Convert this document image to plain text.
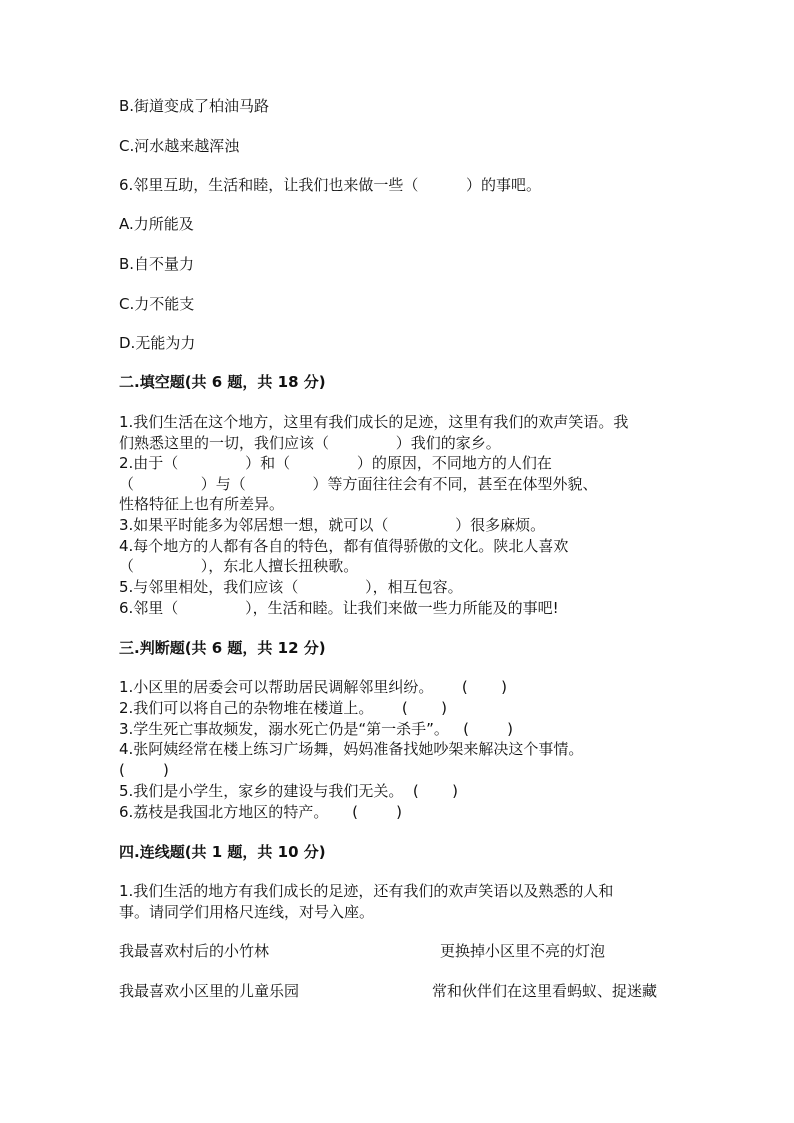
B.街道变成了柏油马路
C.河水越来越浑浊
6.邻里互助，生活和睦，让我们也来做一些（          ）的事吧。
A.力所能及
B.自不量力
C.力不能支
D.无能为力
二.填空题(共 6 题，共 18 分)
1.我们生活在这个地方，这里有我们成长的足迹，这里有我们的欢声笑语。我
们熟悉这里的一切，我们应该（              ）我们的家乡。
2.由于（              ）和（              ）的原因，不同地方的人们在
（              ）与（              ）等方面往往会有不同，甚至在体型外貌、
性格特征上也有所差异。
3.如果平时能多为邻居想一想，就可以（              ）很多麻烦。
4.每个地方的人都有各自的特色，都有值得骄傲的文化。陕北人喜欢
（              ），东北人擅长扭秧歌。
5.与邻里相处，我们应该（              ），相互包容。
6.邻里（              ），生活和睦。让我们来做一些力所能及的事吧!
三.判断题(共 6 题，共 12 分)
1.小区里的居委会可以帮助居民调解邻里纠纷。      (       )
2.我们可以将自己的杂物堆在楼道上。      (       )
3.学生死亡事故频发，溺水死亡仍是“第一杀手”。   (        )
4.张阿姨经常在楼上练习广场舞，妈妈准备找她吵架来解决这个事情。
(        )
5.我们是小学生，家乡的建设与我们无关。  (       )
6.荔枝是我国北方地区的特产。     (        )
四.连线题(共 1 题，共 10 分)
1.我们生活的地方有我们成长的足迹，还有我们的欢声笑语以及熟悉的人和
事。请同学们用格尺连线，对号入座。
我最喜欢村后的小竹林	更换掉小区里不亮的灯泡
我最喜欢小区里的儿童乐园	常和伙伴们在这里看蚂蚁、捉迷藏
